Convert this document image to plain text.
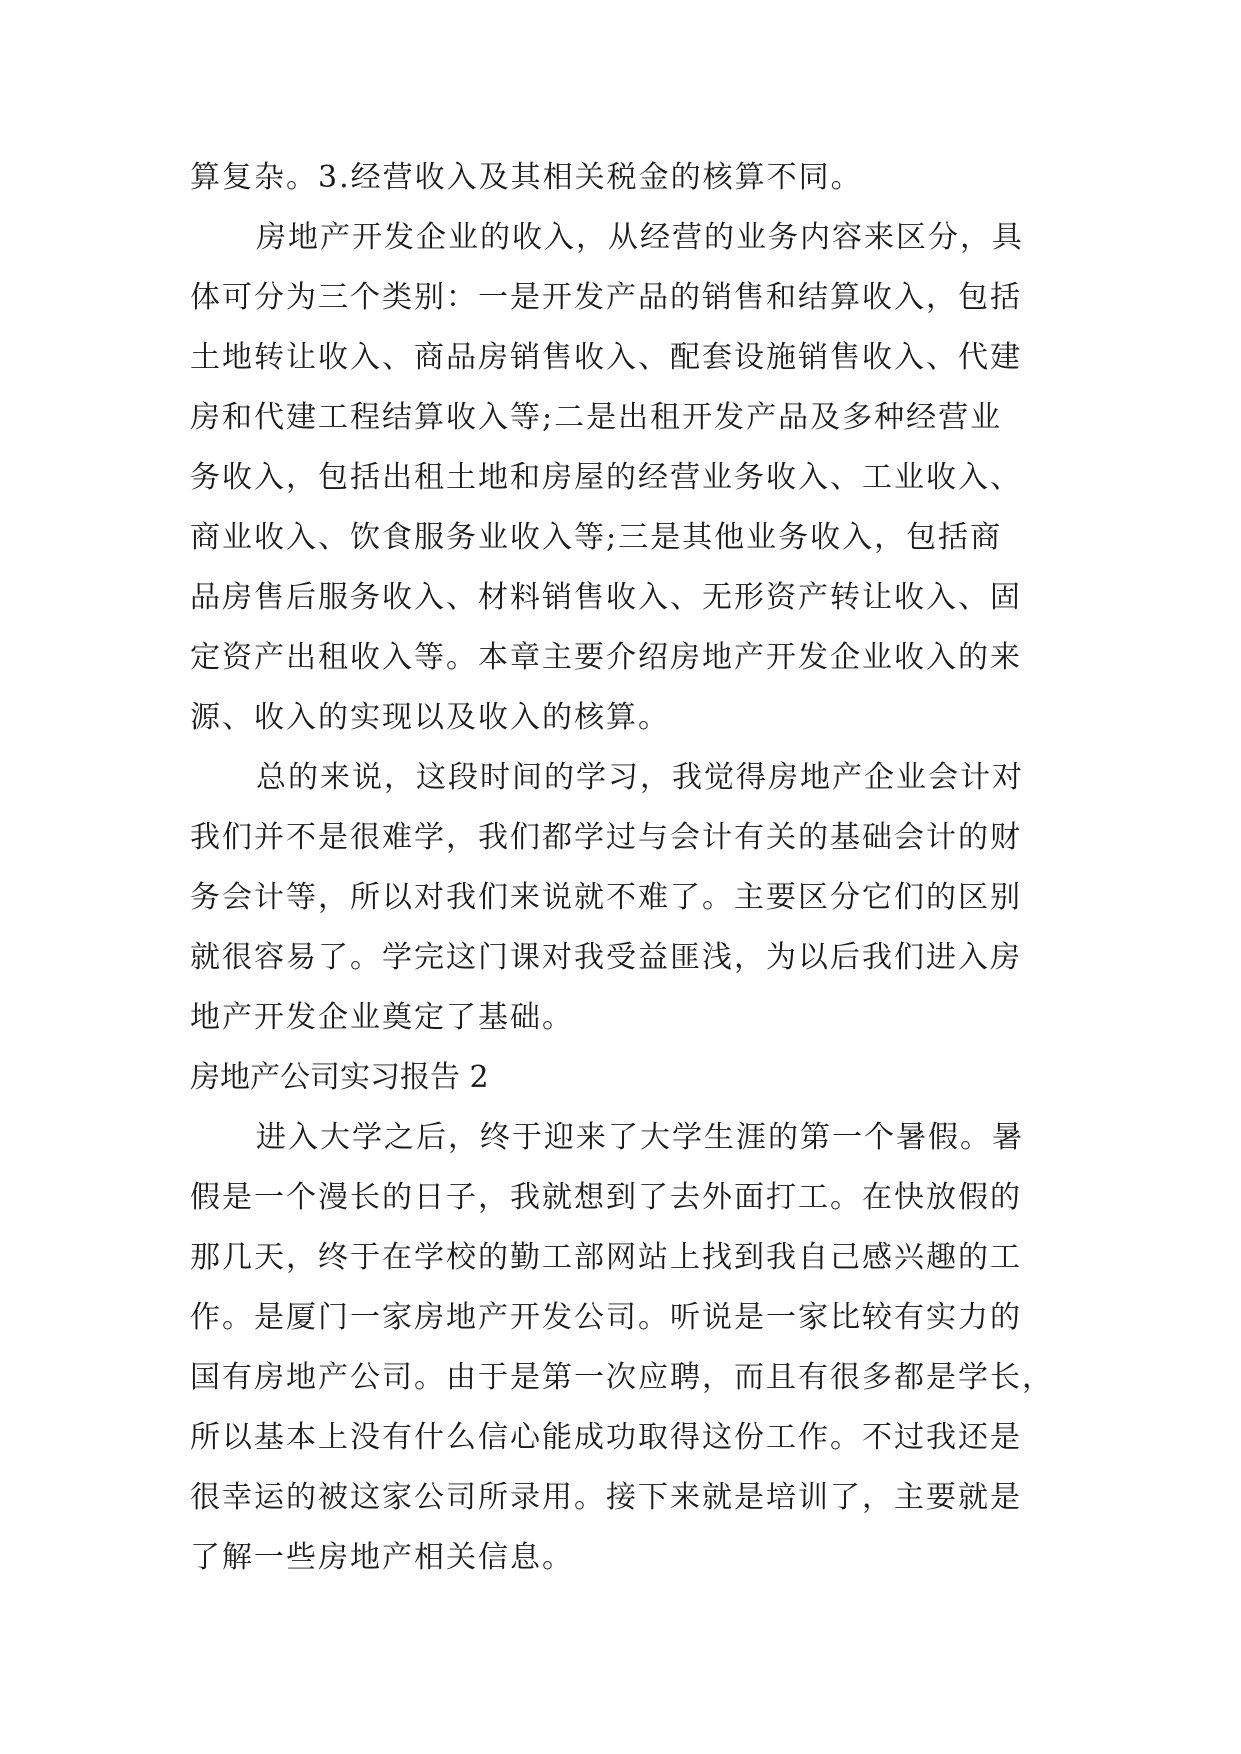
算复杂。3.经营收入及其相关税金的核算不同。
房地产开发企业的收入，从经营的业务内容来区分，具
体可分为三个类别：一是开发产品的销售和结算收入，包括
土地转让收入、商品房销售收入、配套设施销售收入、代建
房和代建工程结算收入等;二是出租开发产品及多种经营业
务收入，包括出租土地和房屋的经营业务收入、工业收入、
商业收入、饮食服务业收入等;三是其他业务收入，包括商
品房售后服务收入、材料销售收入、无形资产转让收入、固
定资产出租收入等。本章主要介绍房地产开发企业收入的来
源、收入的实现以及收入的核算。
总的来说，这段时间的学习，我觉得房地产企业会计对
我们并不是很难学，我们都学过与会计有关的基础会计的财
务会计等，所以对我们来说就不难了。主要区分它们的区别
就很容易了。学完这门课对我受益匪浅，为以后我们进入房
地产开发企业奠定了基础。
房地产公司实习报告 2
进入大学之后，终于迎来了大学生涯的第一个暑假。暑
假是一个漫长的日子，我就想到了去外面打工。在快放假的
那几天，终于在学校的勤工部网站上找到我自己感兴趣的工
作。是厦门一家房地产开发公司。听说是一家比较有实力的
国有房地产公司。由于是第一次应聘，而且有很多都是学长，
所以基本上没有什么信心能成功取得这份工作。不过我还是
很幸运的被这家公司所录用。接下来就是培训了，主要就是
了解一些房地产相关信息。
